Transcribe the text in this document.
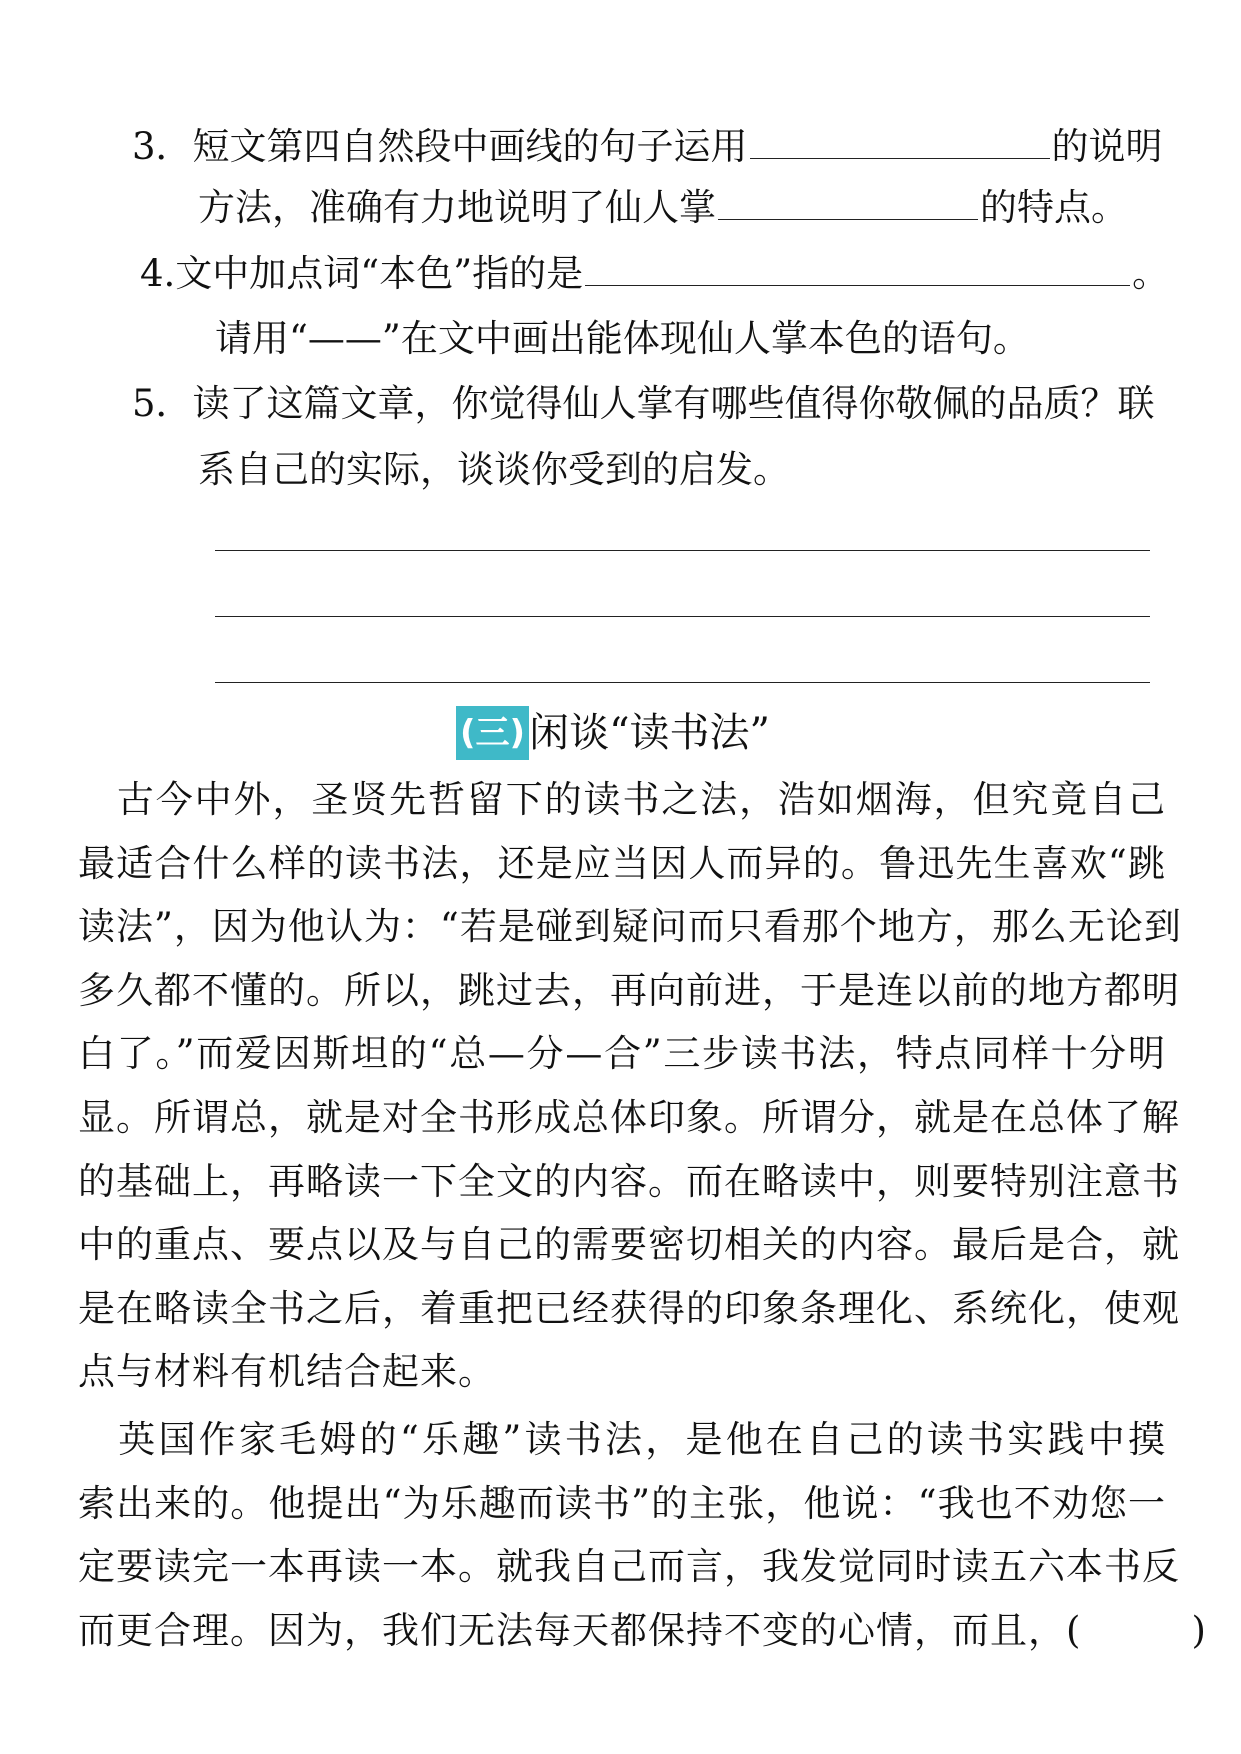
3．短文第四自然段中画线的句子运用	的说明
方法，准确有力地说明了仙人掌	的特点。
4.文中加点词“本色”指的是	。
请用“——”在文中画出能体现仙人掌本色的语句。
5．读了这篇文章，你觉得仙人掌有哪些值得你敬佩的品质？联
系自己的实际，谈谈你受到的启发。
(三) 闲谈“读书法”
　古今中外，圣贤先哲留下的读书之法，浩如烟海，但究竟自己
最适合什么样的读书法，还是应当因人而异的。鲁迅先生喜欢“跳
读法”，因为他认为：“若是碰到疑问而只看那个地方，那么无论到
多久都不懂的。所以，跳过去，再向前进，于是连以前的地方都明
白了。”而爱因斯坦的“总—分—合”三步读书法，特点同样十分明
显。所谓总，就是对全书形成总体印象。所谓分，就是在总体了解
的基础上，再略读一下全文的内容。而在略读中，则要特别注意书
中的重点、要点以及与自己的需要密切相关的内容。最后是合，就
是在略读全书之后，着重把已经获得的印象条理化、系统化，使观
点与材料有机结合起来。
　英国作家毛姆的“乐趣”读书法，是他在自己的读书实践中摸
索出来的。他提出“为乐趣而读书”的主张，他说：“我也不劝您一
定要读完一本再读一本。就我自己而言，我发觉同时读五六本书反
而更合理。因为，我们无法每天都保持不变的心情，而且，(	)
